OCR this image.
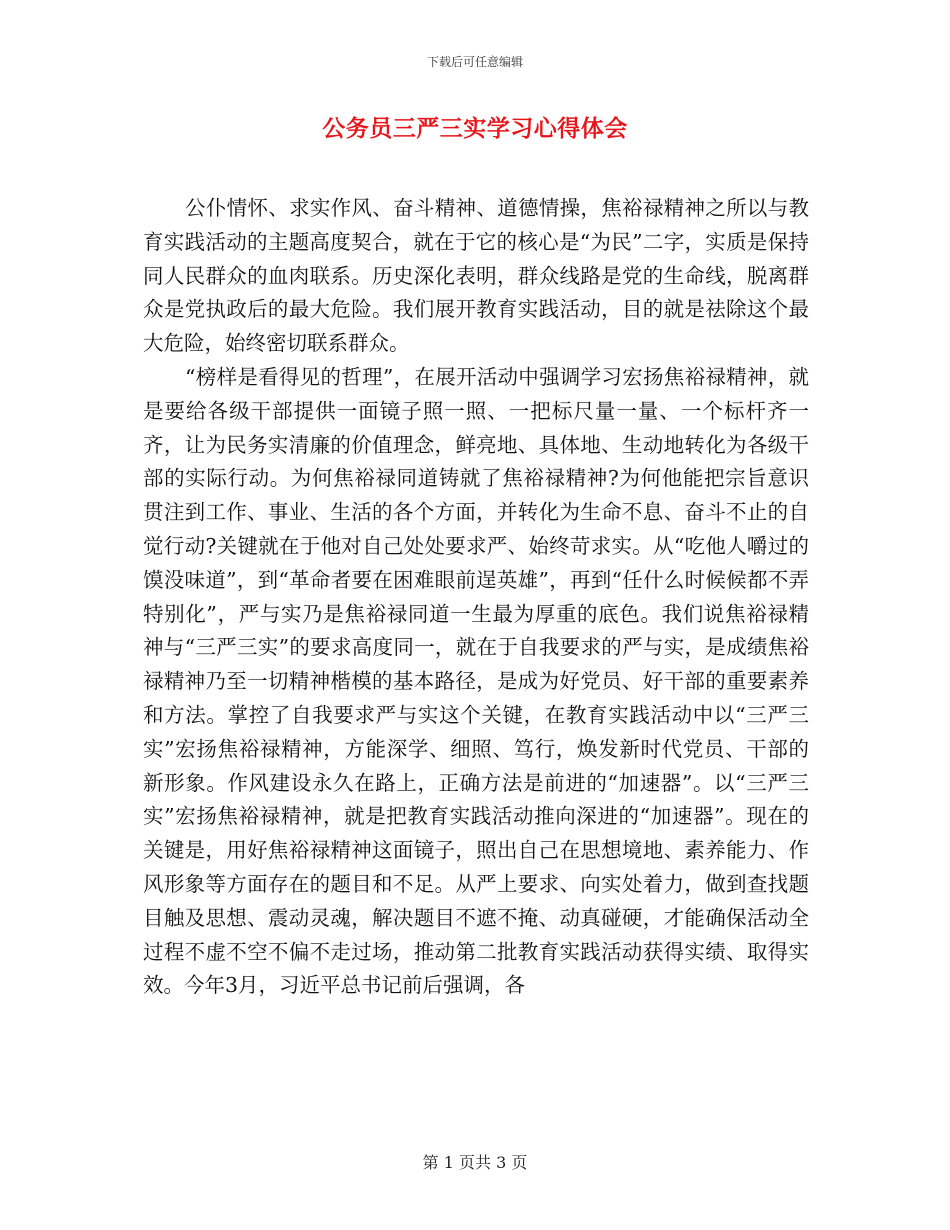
下载后可任意编辑
公务员三严三实学习心得体会

公仆情怀、求实作风、奋斗精神、道德情操，焦裕禄精神之所以与教育实践活动的主题高度契合，就在于它的核心是“为民”二字，实质是保持同人民群众的血肉联系。历史深化表明，群众线路是党的生命线，脱离群众是党执政后的最大危险。我们展开教育实践活动，目的就是祛除这个最大危险，始终密切联系群众。

“榜样是看得见的哲理”，在展开活动中强调学习宏扬焦裕禄精神，就是要给各级干部提供一面镜子照一照、一把标尺量一量、一个标杆齐一齐，让为民务实清廉的价值理念，鲜亮地、具体地、生动地转化为各级干部的实际行动。为何焦裕禄同道铸就了焦裕禄精神?为何他能把宗旨意识贯注到工作、事业、生活的各个方面，并转化为生命不息、奋斗不止的自觉行动?关键就在于他对自己处处要求严、始终苛求实。从“吃他人嚼过的馍没味道”，到“革命者要在困难眼前逞英雄”，再到“任什么时候候都不弄特别化”，严与实乃是焦裕禄同道一生最为厚重的底色。我们说焦裕禄精神与“三严三实”的要求高度同一，就在于自我要求的严与实，是成绩焦裕禄精神乃至一切精神楷模的基本路径，是成为好党员、好干部的重要素养和方法。掌控了自我要求严与实这个关键，在教育实践活动中以“三严三实”宏扬焦裕禄精神，方能深学、细照、笃行，焕发新时代党员、干部的新形象。作风建设永久在路上，正确方法是前进的“加速器”。以“三严三实”宏扬焦裕禄精神，就是把教育实践活动推向深进的“加速器”。现在的关键是，用好焦裕禄精神这面镜子，照出自己在思想境地、素养能力、作风形象等方面存在的题目和不足。从严上要求、向实处着力，做到查找题目触及思想、震动灵魂，解决题目不遮不掩、动真碰硬，才能确保活动全过程不虚不空不偏不走过场，推动第二批教育实践活动获得实绩、取得实效。今年3月，习近平总书记前后强调，各

第 1 页共 3 页
